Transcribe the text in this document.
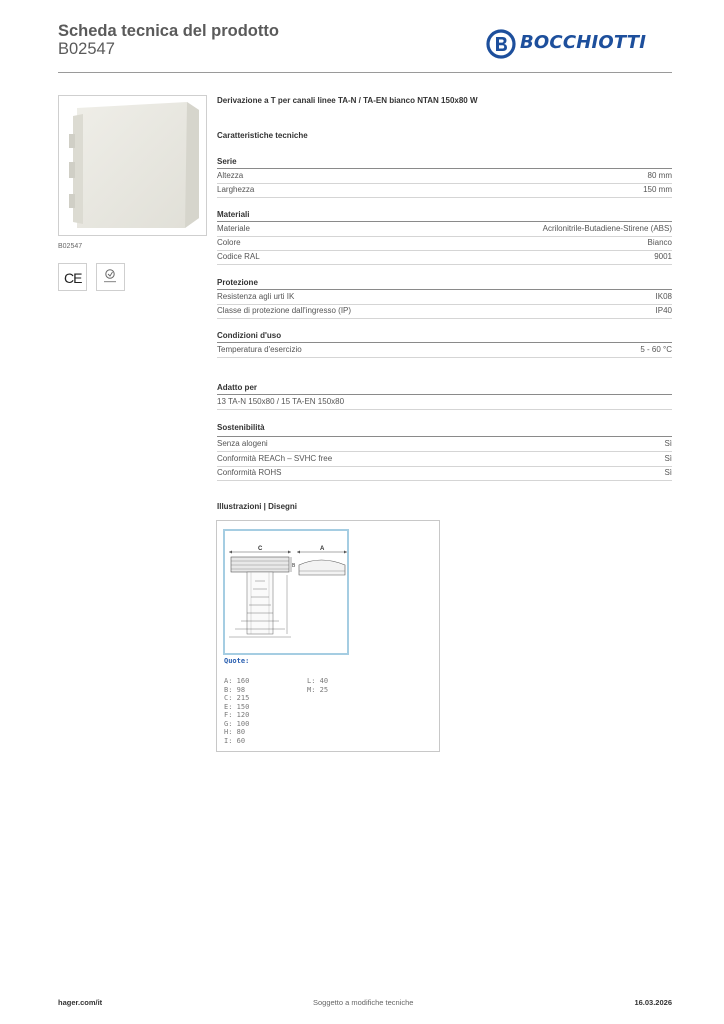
Scheda tecnica del prodotto
B02547	BOCCHIOTTI
B02547
CE
Derivazione a T per canali linee TA-N / TA-EN bianco NTAN 150x80 W
Caratteristiche tecniche
Serie
Altezza	80 mm
Larghezza	150 mm
Materiali
Materiale	Acrilonitrile-Butadiene-Stirene (ABS)
Colore	Bianco
Codice RAL	9001
Protezione
Resistenza agli urti IK	IK08
Classe di protezione dall'ingresso (IP)	IP40
Condizioni d'uso
Temperatura d'esercizio	5 - 60 °C
Adatto per
13 TA-N 150x80 / 15 TA-EN 150x80
Sostenibilità
Senza alogeni	Sì
Conformità REACh – SVHC free	Sì
Conformità ROHS	Sì
Illustrazioni | Disegni
C	A
B
Quote:
A: 160
B: 98
C: 215
E: 150
F: 120
G: 100
H: 80
I: 60
L: 40
M: 25
hager.com/it	Soggetto a modifiche tecniche	16.03.2026
